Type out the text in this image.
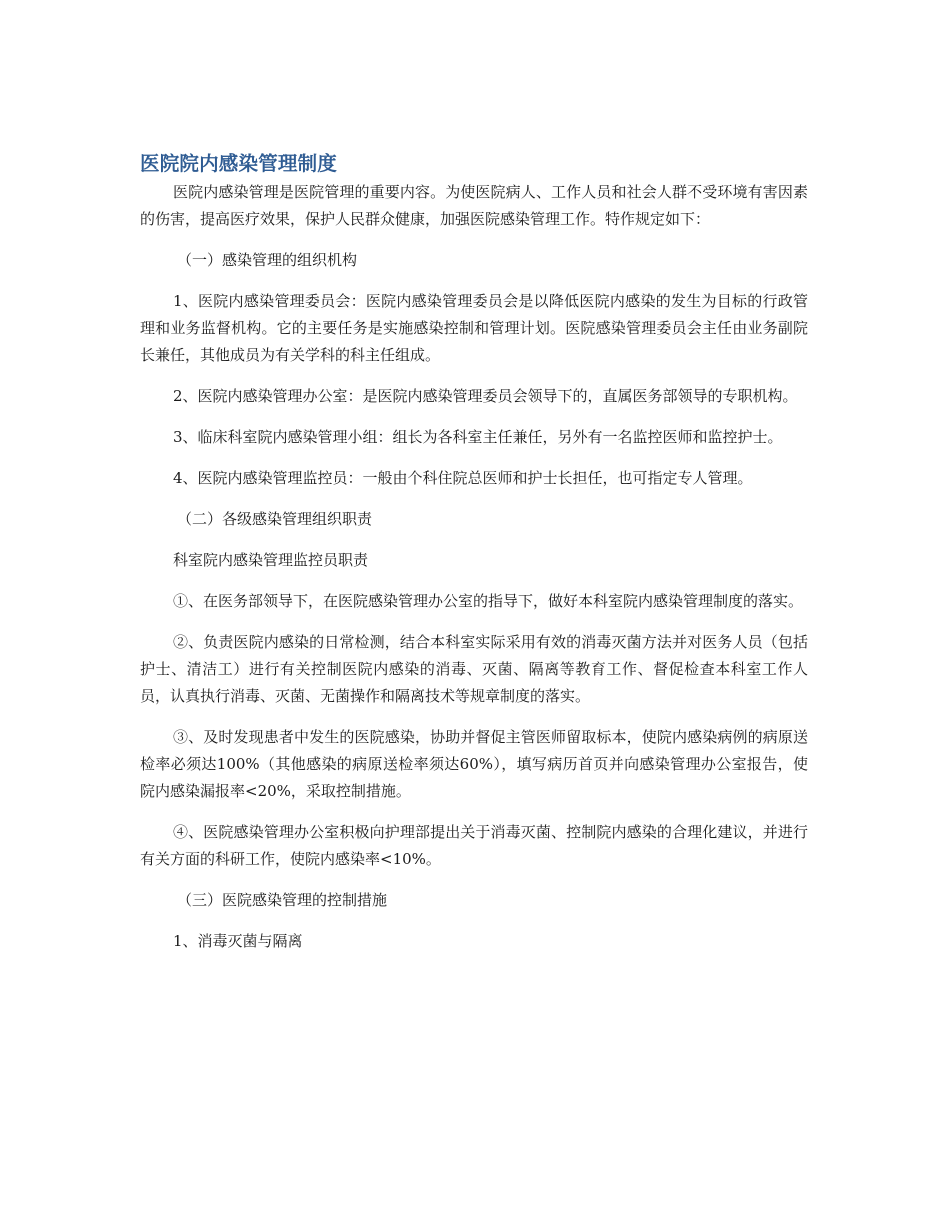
医院院内感染管理制度

医院内感染管理是医院管理的重要内容。为使医院病人、工作人员和社会人群不受环境有害因素的伤害，提高医疗效果，保护人民群众健康，加强医院感染管理工作。特作规定如下：

（一）感染管理的组织机构

1、医院内感染管理委员会：医院内感染管理委员会是以降低医院内感染的发生为目标的行政管理和业务监督机构。它的主要任务是实施感染控制和管理计划。医院感染管理委员会主任由业务副院长兼任，其他成员为有关学科的科主任组成。

2、医院内感染管理办公室：是医院内感染管理委员会领导下的，直属医务部领导的专职机构。

3、临床科室院内感染管理小组：组长为各科室主任兼任，另外有一名监控医师和监控护士。

4、医院内感染管理监控员：一般由个科住院总医师和护士长担任，也可指定专人管理。

（二）各级感染管理组织职责

科室院内感染管理监控员职责

①、在医务部领导下，在医院感染管理办公室的指导下，做好本科室院内感染管理制度的落实。

②、负责医院内感染的日常检测，结合本科室实际采用有效的消毒灭菌方法并对医务人员（包括护士、清洁工）进行有关控制医院内感染的消毒、灭菌、隔离等教育工作、督促检查本科室工作人员，认真执行消毒、灭菌、无菌操作和隔离技术等规章制度的落实。

③、及时发现患者中发生的医院感染，协助并督促主管医师留取标本，使院内感染病例的病原送检率必须达100%（其他感染的病原送检率须达60%），填写病历首页并向感染管理办公室报告，使院内感染漏报率<20%，采取控制措施。

④、医院感染管理办公室积极向护理部提出关于消毒灭菌、控制院内感染的合理化建议，并进行有关方面的科研工作，使院内感染率<10%。

（三）医院感染管理的控制措施

1、消毒灭菌与隔离
